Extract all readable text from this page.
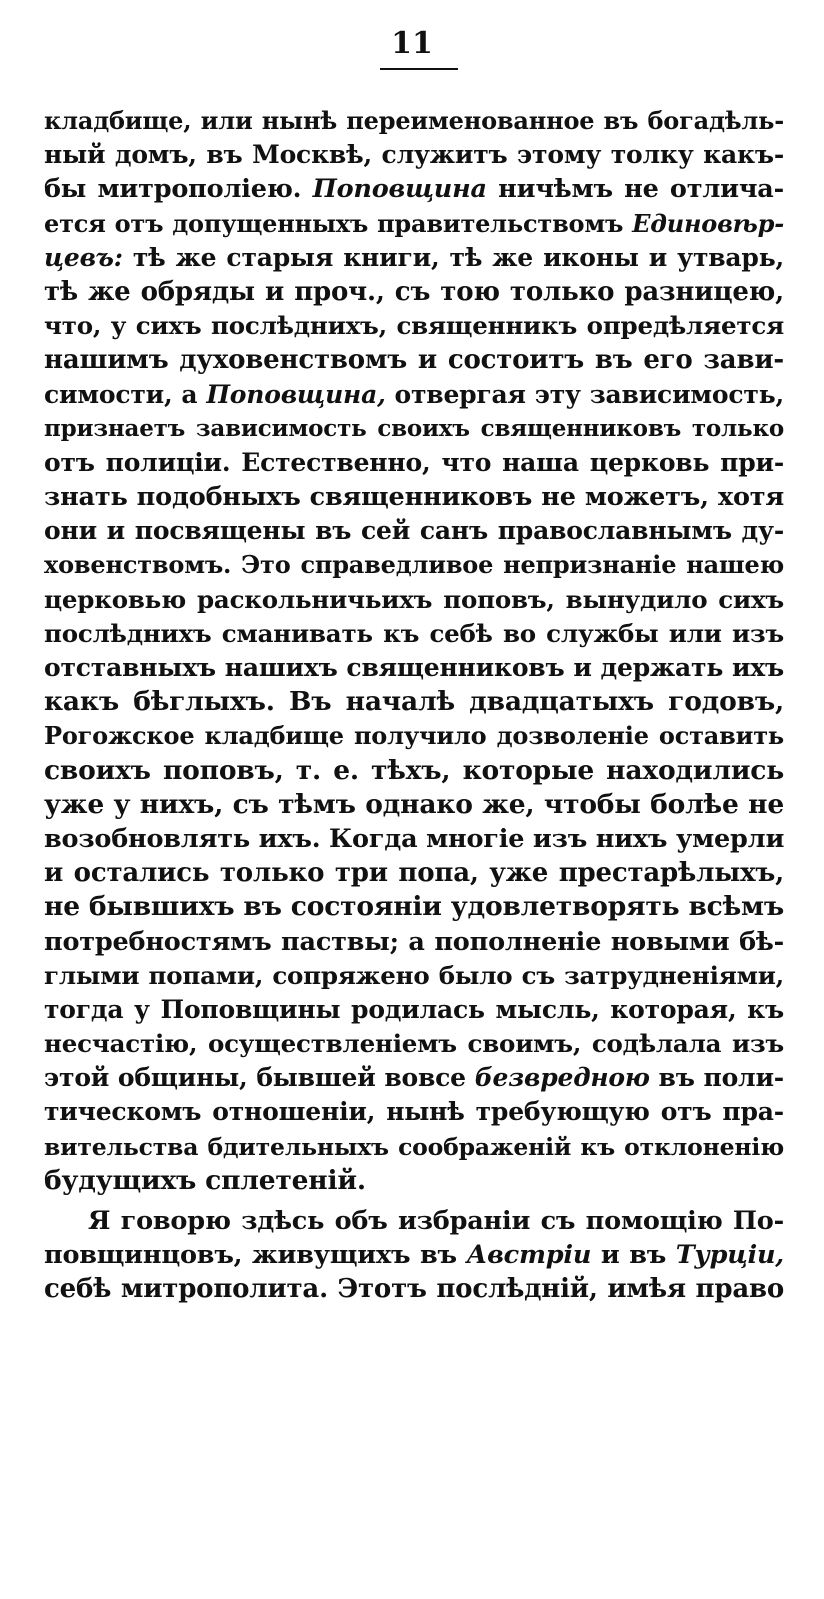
11
кладбище, или нынѣ переименованное въ богадѣль-
ный домъ, въ Москвѣ, служитъ этому толку какъ-
бы митрополiею. Поповщина ничѣмъ не отлича-
ется отъ допущенныхъ правительствомъ Единовѣр-
цевъ: тѣ же старыя книги, тѣ же иконы и утварь,
тѣ же обряды и проч., съ тою только разницею,
что, у сихъ послѣднихъ, священникъ опредѣляется
нашимъ духовенствомъ и состоитъ въ его зави-
симости, а Поповщина, отвергая эту зависимость,
признаетъ зависимость своихъ священниковъ только
отъ полицiи. Естественно, что наша церковь при-
знать подобныхъ священниковъ не можетъ, хотя
они и посвящены въ сей санъ православнымъ ду-
ховенствомъ. Это справедливое непризнанiе нашею
церковью раскольничьихъ поповъ, вынудило сихъ
послѣднихъ сманивать къ себѣ во службы или изъ
отставныхъ нашихъ священниковъ и держать ихъ
какъ бѣглыхъ. Въ началѣ двадцатыхъ годовъ,
Рогожское кладбище получило дозволенiе оставить
своихъ поповъ, т. е. тѣхъ, которые находились
уже у нихъ, съ тѣмъ однако же, чтобы болѣе не
возобновлять ихъ. Когда многiе изъ нихъ умерли
и остались только три попа, уже престарѣлыхъ,
не бывшихъ въ состоянiи удовлетворять всѣмъ
потребностямъ паствы; а пополненiе новыми бѣ-
глыми попами, сопряжено было съ затрудненiями,
тогда у Поповщины родилась мысль, которая, къ
несчастiю, осуществленiемъ своимъ, содѣлала изъ
этой общины, бывшей вовсе безвредною въ поли-
тическомъ отношенiи, нынѣ требующую отъ пра-
вительства бдительныхъ соображенiй къ отклоненiю
будущихъ сплетенiй.
Я говорю здѣсь объ избранiи съ помощiю По-
повщинцовъ, живущихъ въ Австрiи и въ Турцiи,
себѣ митрополита. Этотъ послѣднiй, имѣя право
